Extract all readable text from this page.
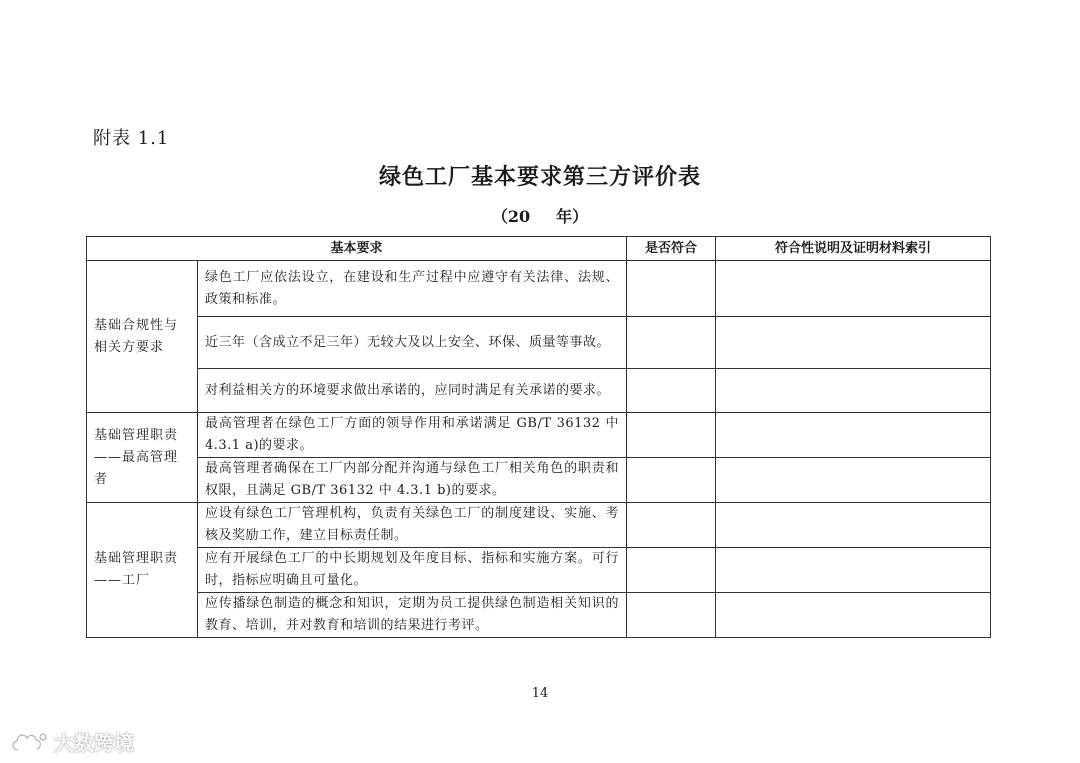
附表 1.1
绿色工厂基本要求第三方评价表
（20 年）
基本要求		是否符合	符合性说明及证明材料索引
基础合规性与相关方要求	绿色工厂应依法设立，在建设和生产过程中应遵守有关法律、法规、政策和标准。		
	近三年（含成立不足三年）无较大及以上安全、环保、质量等事故。		
	对利益相关方的环境要求做出承诺的，应同时满足有关承诺的要求。		
基础管理职责——最高管理者	最高管理者在绿色工厂方面的领导作用和承诺满足 GB/T 36132 中 4.3.1 a)的要求。		
	最高管理者确保在工厂内部分配并沟通与绿色工厂相关角色的职责和权限，且满足 GB/T 36132 中 4.3.1 b)的要求。		
基础管理职责——工厂	应设有绿色工厂管理机构，负责有关绿色工厂的制度建设、实施、考核及奖励工作，建立目标责任制。		
	应有开展绿色工厂的中长期规划及年度目标、指标和实施方案。可行时，指标应明确且可量化。		
	应传播绿色制造的概念和知识，定期为员工提供绿色制造相关知识的教育、培训，并对教育和培训的结果进行考评。		
14
大数跨境
